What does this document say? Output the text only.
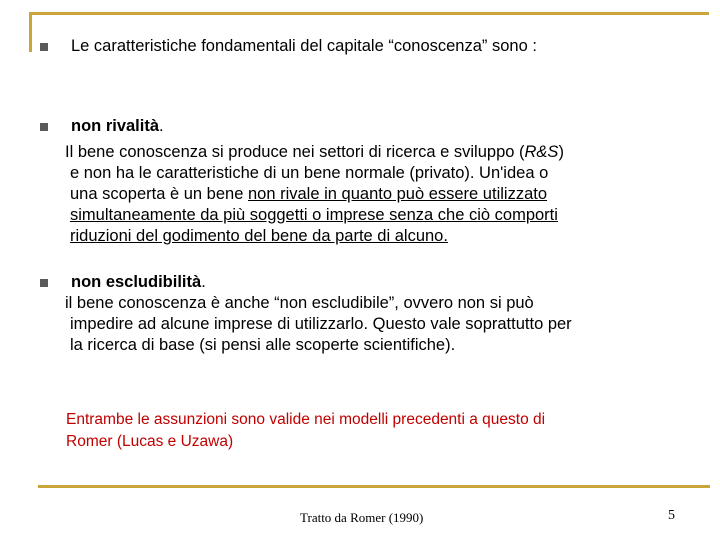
Le caratteristiche fondamentali del capitale “conoscenza” sono :
non rivalità.
Il bene conoscenza si produce nei settori di ricerca e sviluppo (R&S)
e non ha le caratteristiche di un bene normale (privato). Un'idea o
una scoperta è un bene non rivale in quanto può essere utilizzato
simultaneamente da più soggetti o imprese senza che ciò comporti
riduzioni del godimento del bene da parte di alcuno.
non escludibilità.
il bene conoscenza è anche “non escludibile”, ovvero non si può
impedire ad alcune imprese di utilizzarlo. Questo vale soprattutto per
la ricerca di base (si pensi alle scoperte scientifiche).
Entrambe le assunzioni sono valide nei modelli precedenti a questo di
Romer (Lucas e Uzawa)
Tratto da Romer (1990)	5
